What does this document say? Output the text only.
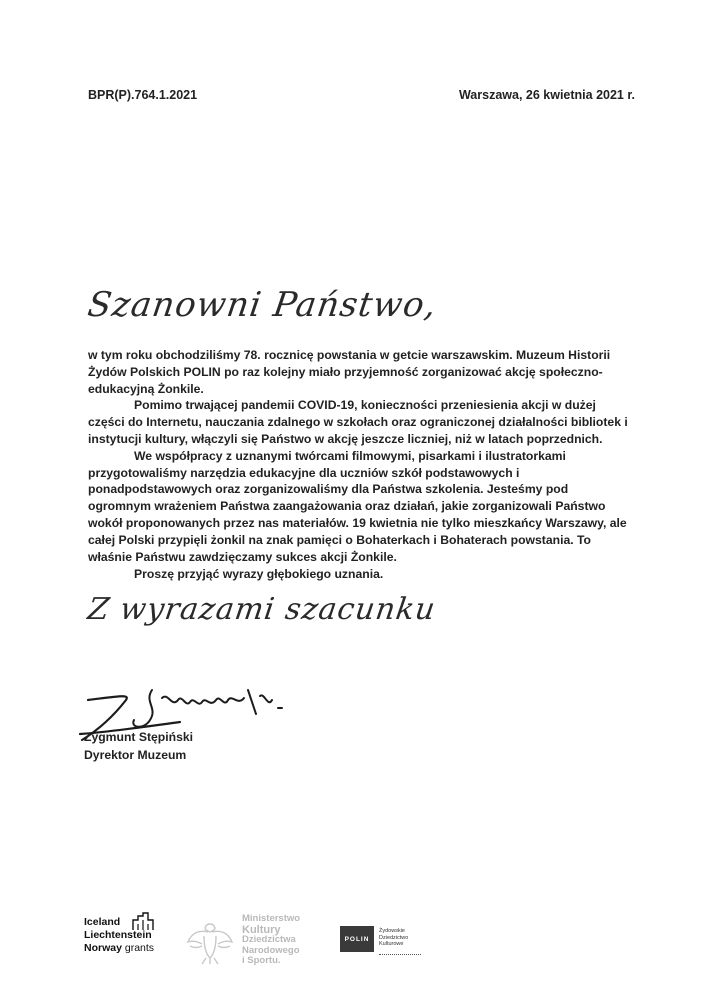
BPR(P).764.1.2021	Warszawa, 26 kwietnia 2021 r.
Szanowni Państwo,

w tym roku obchodziliśmy 78. rocznicę powstania w getcie warszawskim. Muzeum Historii Żydów Polskich POLIN po raz kolejny miało przyjemność zorganizować akcję społeczno-edukacyjną Żonkile.

Pomimo trwającej pandemii COVID-19, konieczności przeniesienia akcji w dużej części do Internetu, nauczania zdalnego w szkołach oraz ograniczonej działalności bibliotek i instytucji kultury, włączyli się Państwo w akcję jeszcze liczniej, niż w latach poprzednich.

We współpracy z uznanymi twórcami filmowymi, pisarkami i ilustratorkami przygotowaliśmy narzędzia edukacyjne dla uczniów szkół podstawowych i ponadpodstawowych oraz zorganizowaliśmy dla Państwa szkolenia. Jesteśmy pod ogromnym wrażeniem Państwa zaangażowania oraz działań, jakie zorganizowali Państwo wokół proponowanych przez nas materiałów. 19 kwietnia nie tylko mieszkańcy Warszawy, ale całej Polski przypięli żonkil na znak pamięci o Bohaterkach i Bohaterach powstania. To właśnie Państwu zawdzięczamy sukces akcji Żonkile.

Proszę przyjąć wyrazy głębokiego uznania.
Z wyrazami szacunku
Zygmunt Stępiński
Dyrektor Muzeum
Iceland
Liechtenstein
Norway grants
Ministerstwo
Kultury
Dziedzictwa
Narodowego
i Sportu.
POLIN
Żydowskie
Dziedzictwo
Kulturowe
